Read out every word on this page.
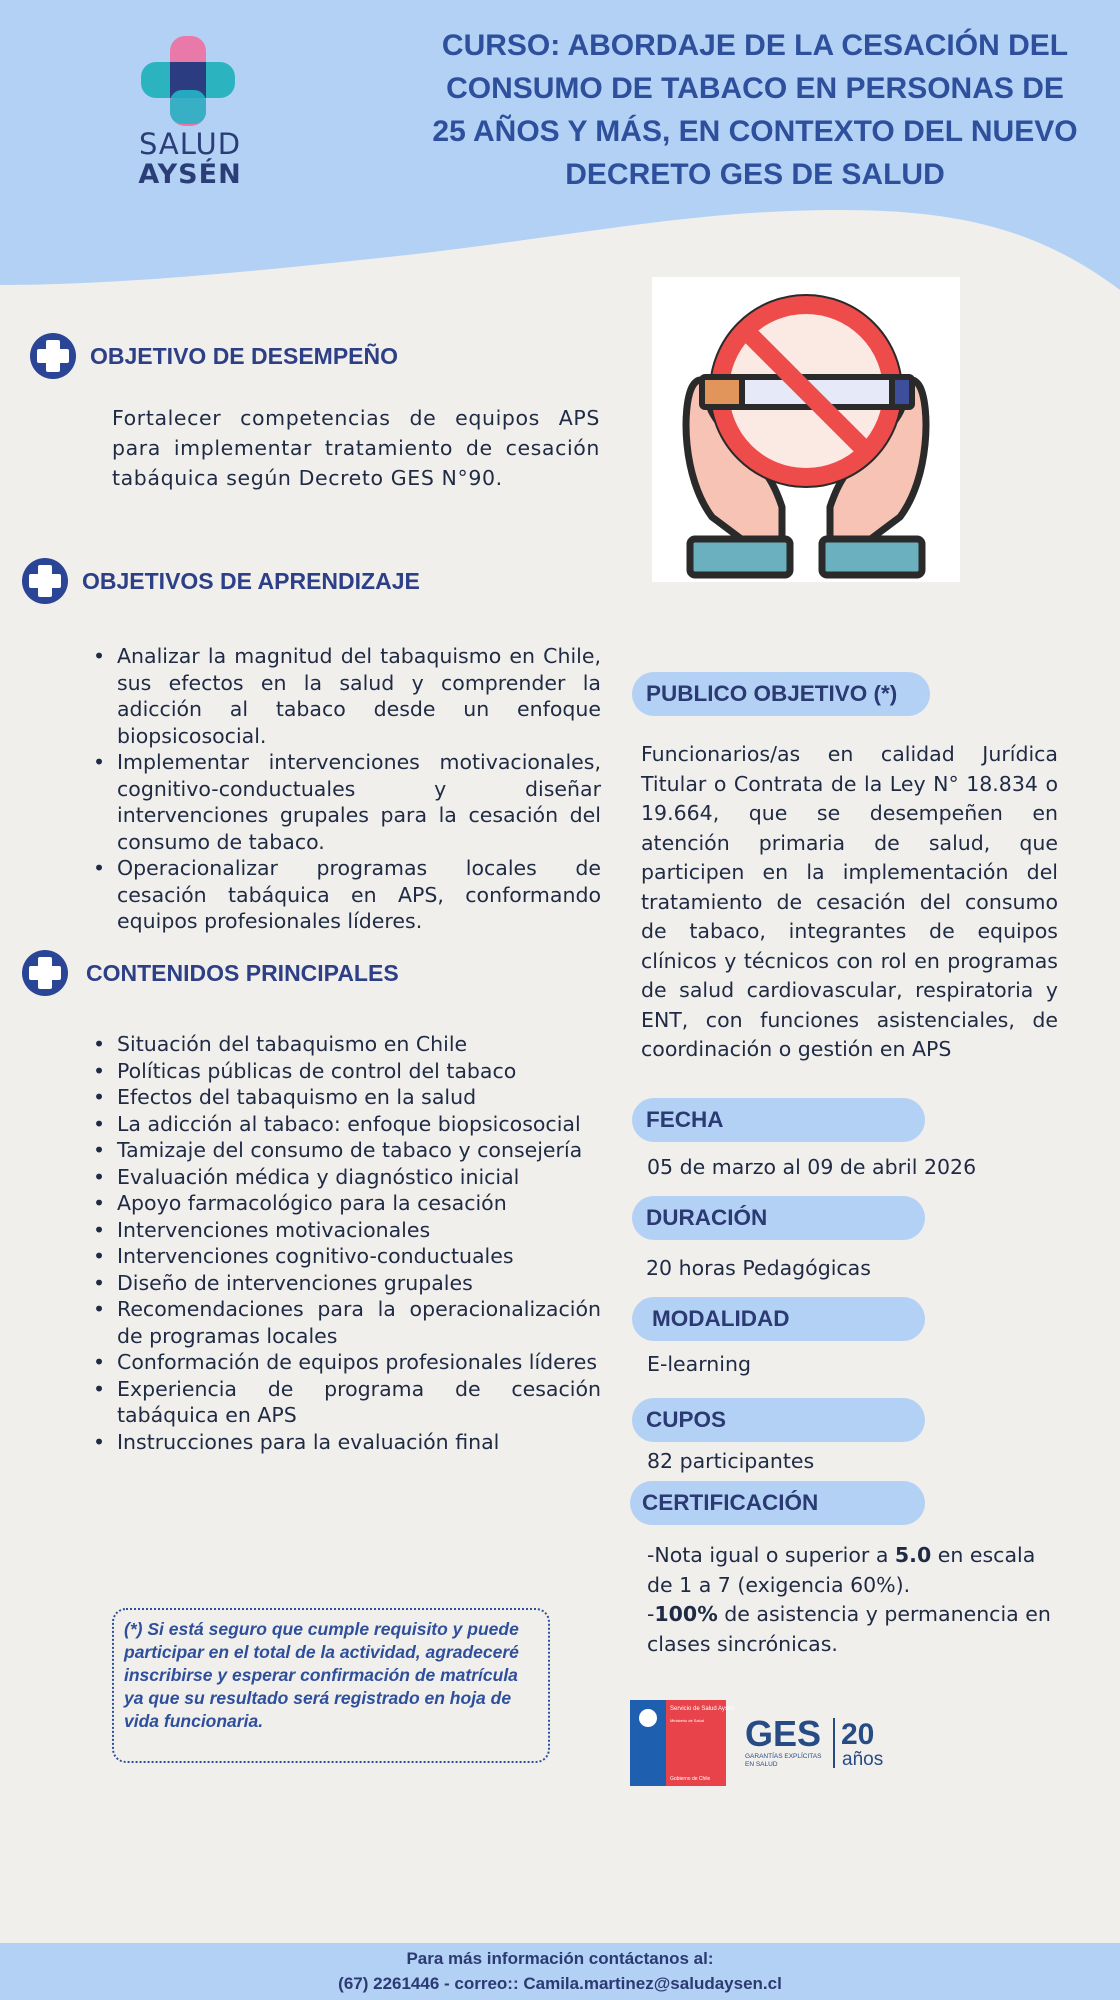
SALUD
AYSÉN
CURSO: ABORDAJE DE LA CESACIÓN DEL CONSUMO DE TABACO EN PERSONAS DE 25 AÑOS Y MÁS, EN CONTEXTO DEL NUEVO DECRETO GES DE SALUD
OBJETIVO DE DESEMPEÑO
Fortalecer competencias de equipos APS para implementar tratamiento de cesación tabáquica según Decreto GES N°90.
OBJETIVOS DE APRENDIZAJE
• Analizar la magnitud del tabaquismo en Chile, sus efectos en la salud y comprender la adicción al tabaco desde un enfoque biopsicosocial.
• Implementar intervenciones motivacionales, cognitivo-conductuales y diseñar intervenciones grupales para la cesación del consumo de tabaco.
• Operacionalizar programas locales de cesación tabáquica en APS, conformando equipos profesionales líderes.
CONTENIDOS PRINCIPALES
• Situación del tabaquismo en Chile
• Políticas públicas de control del tabaco
• Efectos del tabaquismo en la salud
• La adicción al tabaco: enfoque biopsicosocial
• Tamizaje del consumo de tabaco y consejería
• Evaluación médica y diagnóstico inicial
• Apoyo farmacológico para la cesación
• Intervenciones motivacionales
• Intervenciones cognitivo-conductuales
• Diseño de intervenciones grupales
• Recomendaciones para la operacionalización de programas locales
• Conformación de equipos profesionales líderes
• Experiencia de programa de cesación tabáquica en APS
• Instrucciones para la evaluación final
(*) Si está seguro que cumple requisito y puede participar en el total de la actividad, agradeceré inscribirse y esperar confirmación de matrícula ya que su resultado será registrado en hoja de vida funcionaria.
PUBLICO OBJETIVO (*)
Funcionarios/as en calidad Jurídica Titular o Contrata de la Ley N° 18.834 o 19.664, que se desempeñen en atención primaria de salud, que participen en la implementación del tratamiento de cesación del consumo de tabaco, integrantes de equipos clínicos y técnicos con rol en programas de salud cardiovascular, respiratoria y ENT, con funciones asistenciales, de coordinación o gestión en APS
FECHA
05 de marzo al 09 de abril 2026
DURACIÓN
20 horas Pedagógicas
MODALIDAD
E-learning
CUPOS
82 participantes
CERTIFICACIÓN
-Nota igual o superior a 5.0 en escala de 1 a 7 (exigencia 60%).
-100% de asistencia y permanencia en clases sincrónicas.
Servicio de Salud Aysén
Ministerio de Salud
Gobierno de Chile
GES
GARANTÍAS EXPLÍCITAS
EN SALUD
20
años
Para más información contáctanos al:
(67) 2261446 - correo:: Camila.martinez@saludaysen.cl
